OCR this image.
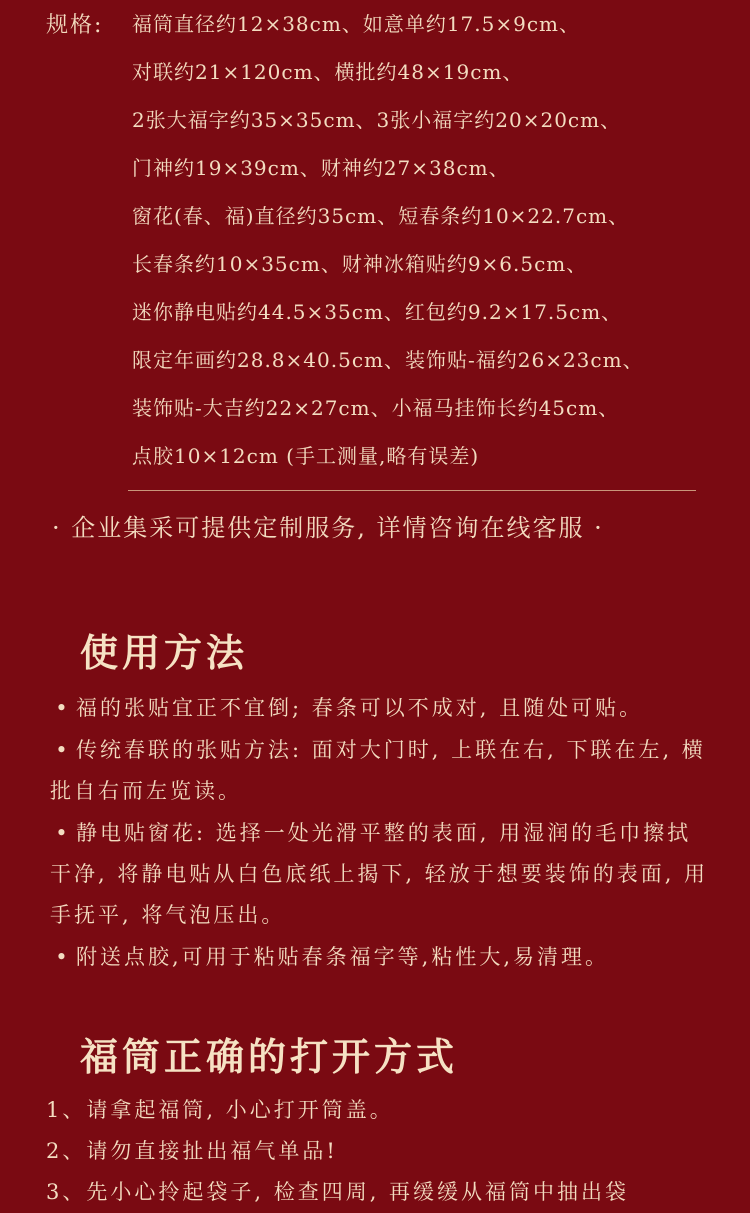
规格: 福筒直径约12×38cm、如意单约17.5×9cm、
对联约21×120cm、横批约48×19cm、
2张大福字约35×35cm、3张小福字约20×20cm、
门神约19×39cm、财神约27×38cm、
窗花(春、福)直径约35cm、短春条约10×22.7cm、
长春条约10×35cm、财神冰箱贴约9×6.5cm、
迷你静电贴约44.5×35cm、红包约9.2×17.5cm、
限定年画约28.8×40.5cm、装饰贴-福约26×23cm、
装饰贴-大吉约22×27cm、小福马挂饰长约45cm、
点胶10×12cm (手工测量,略有误差)
· 企业集采可提供定制服务, 详情咨询在线客服 ·
使用方法
• 福的张贴宜正不宜倒; 春条可以不成对, 且随处可贴。
• 传统春联的张贴方法: 面对大门时, 上联在右, 下联在左, 横批自右而左览读。
• 静电贴窗花: 选择一处光滑平整的表面, 用湿润的毛巾擦拭干净, 将静电贴从白色底纸上揭下, 轻放于想要装饰的表面, 用手抚平, 将气泡压出。
• 附送点胶,可用于粘贴春条福字等,粘性大,易清理。
福筒正确的打开方式
1、请拿起福筒, 小心打开筒盖。
2、请勿直接扯出福气单品!
3、先小心拎起袋子, 检查四周, 再缓缓从福筒中抽出袋
